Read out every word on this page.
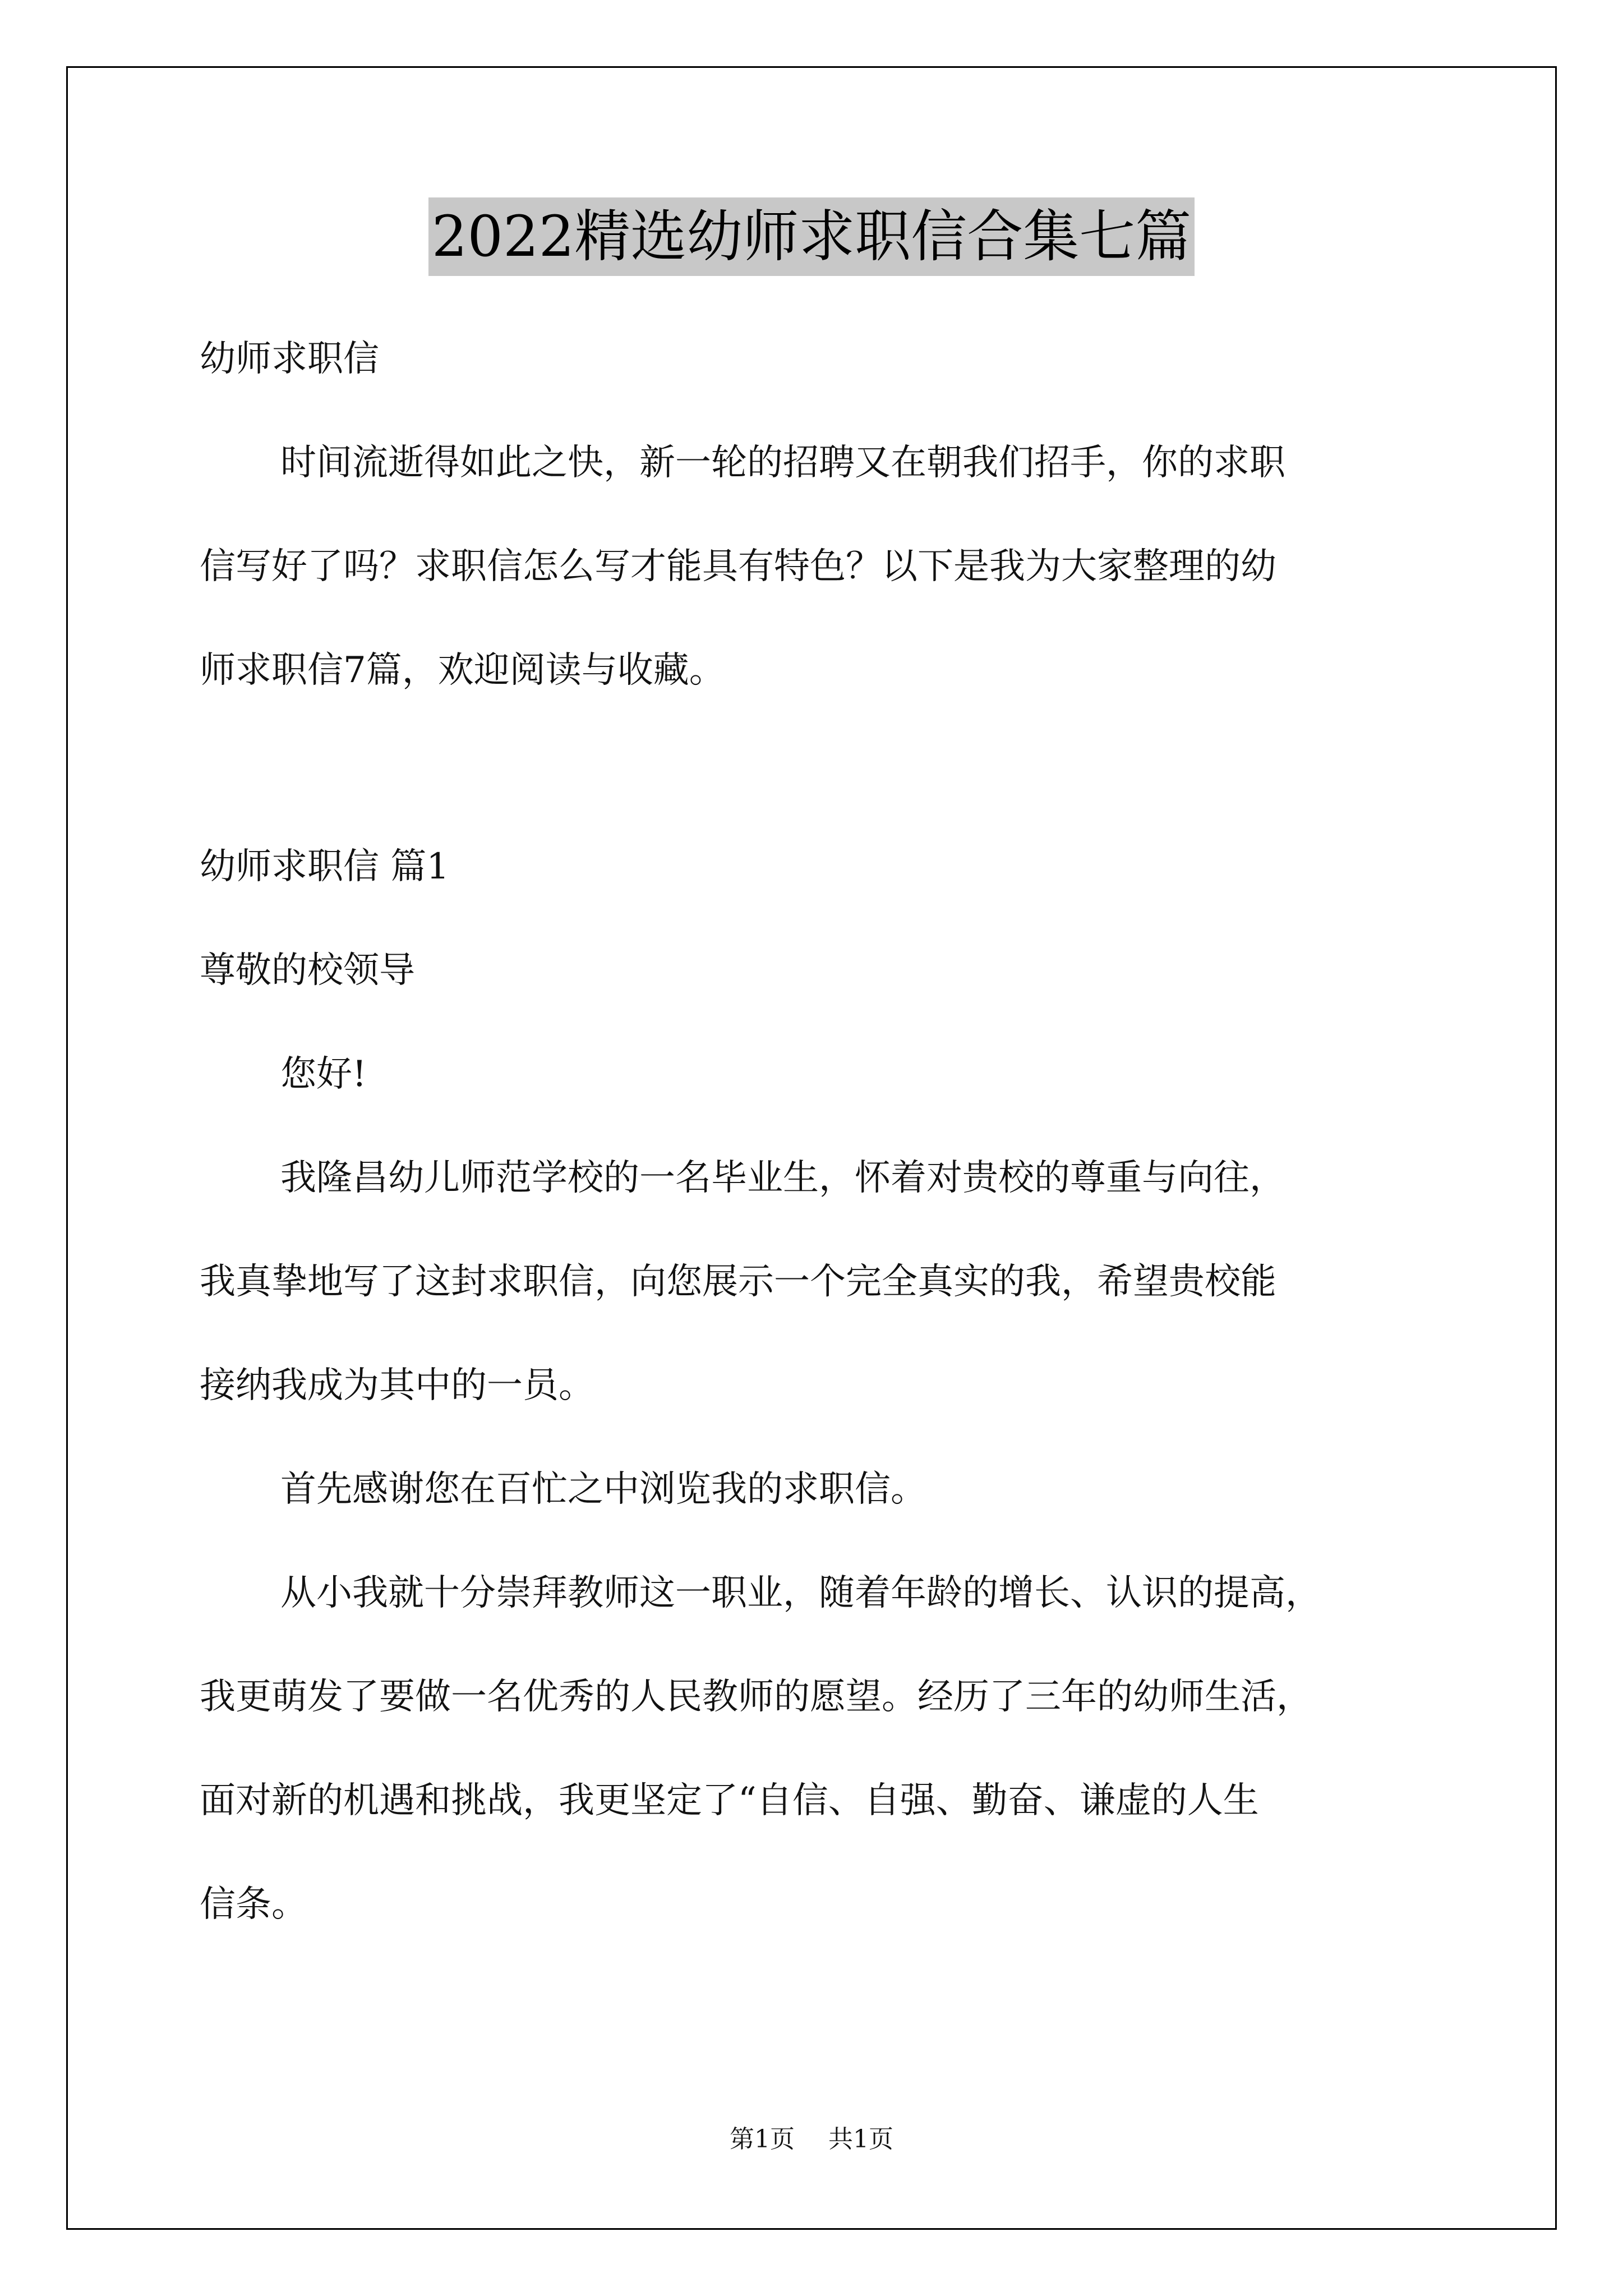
2022精选幼师求职信合集七篇
幼师求职信
时间流逝得如此之快，新一轮的招聘又在朝我们招手，你的求职
信写好了吗？求职信怎么写才能具有特色？以下是我为大家整理的幼
师求职信7篇，欢迎阅读与收藏。
幼师求职信 篇1
尊敬的校领导
您好!
我隆昌幼儿师范学校的一名毕业生，怀着对贵校的尊重与向往，
我真挚地写了这封求职信，向您展示一个完全真实的我，希望贵校能
接纳我成为其中的一员。
首先感谢您在百忙之中浏览我的求职信。
从小我就十分崇拜教师这一职业，随着年龄的增长、认识的提高，
我更萌发了要做一名优秀的人民教师的愿望。经历了三年的幼师生活，
面对新的机遇和挑战，我更坚定了“自信、自强、勤奋、谦虚的人生
信条。
第1页 共1页
